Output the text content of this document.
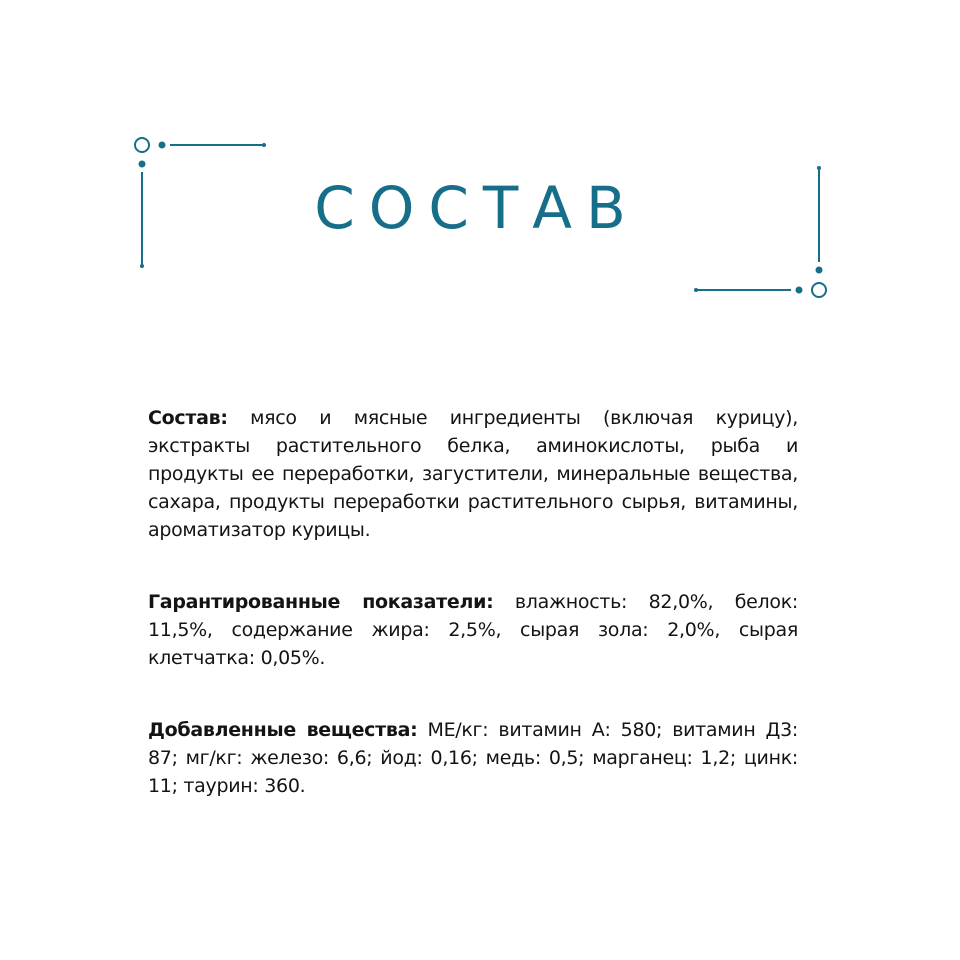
СОСТАВ

Состав: мясо и мясные ингредиенты (включая курицу), экстракты растительного белка, аминокислоты, рыба и продукты ее переработки, загустители, минеральные вещества, сахара, продукты переработки растительного сырья, витамины, ароматизатор курицы.

Гарантированные показатели: влажность: 82,0%, белок: 11,5%, содержание жира: 2,5%, сырая зола: 2,0%, сырая клетчатка: 0,05%.

Добавленные вещества: МЕ/кг: витамин А: 580; витамин Д3: 87; мг/кг: железо: 6,6; йод: 0,16; медь: 0,5; марганец: 1,2; цинк: 11; таурин: 360.
